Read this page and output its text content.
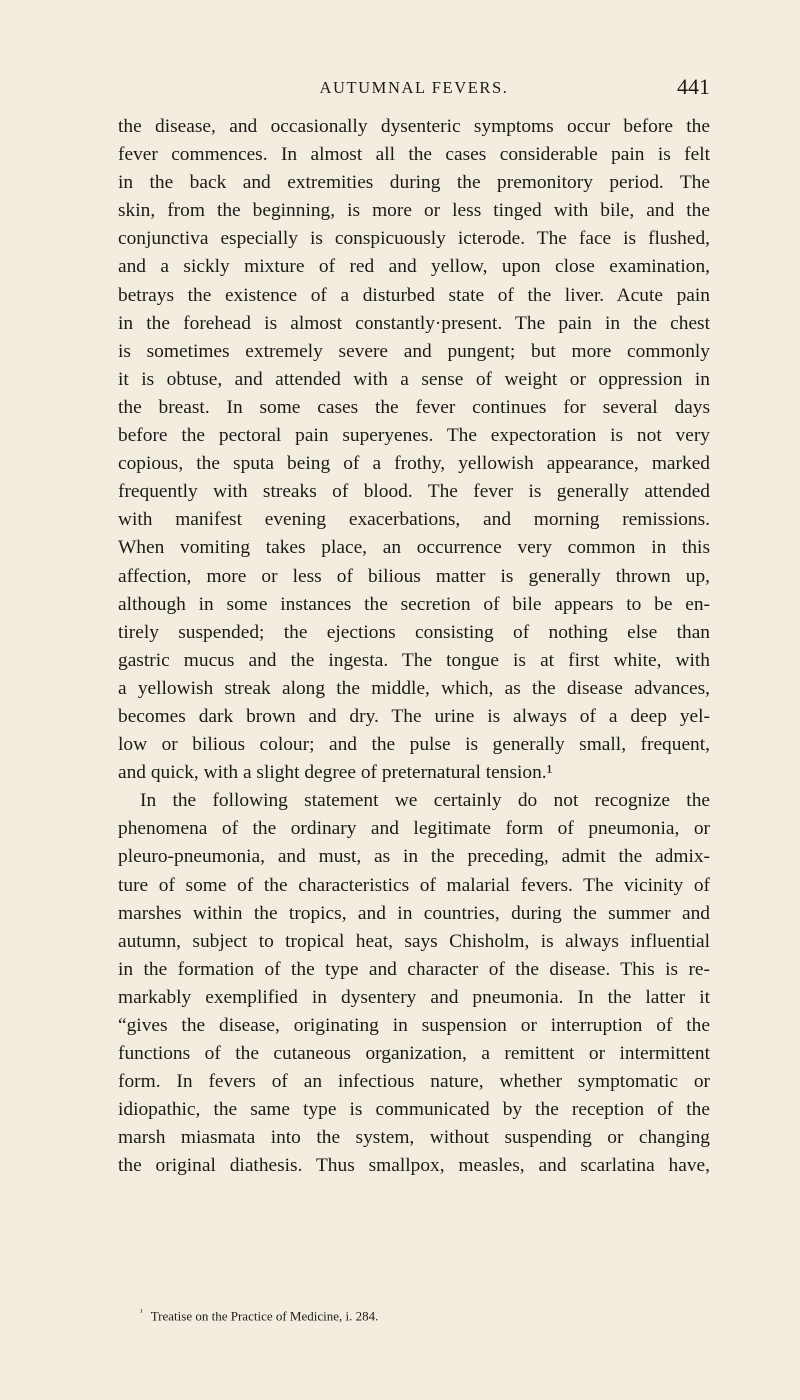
AUTUMNAL FEVERS.	441
the disease, and occasionally dysenteric symptoms occur before the
fever commences. In almost all the cases considerable pain is felt
in the back and extremities during the premonitory period. The
skin, from the beginning, is more or less tinged with bile, and the
conjunctiva especially is conspicuously icterode. The face is flushed,
and a sickly mixture of red and yellow, upon close examination,
betrays the existence of a disturbed state of the liver. Acute pain
in the forehead is almost constantly·present. The pain in the chest
is sometimes extremely severe and pungent; but more commonly
it is obtuse, and attended with a sense of weight or oppression in
the breast. In some cases the fever continues for several days
before the pectoral pain superyenes. The expectoration is not very
copious, the sputa being of a frothy, yellowish appearance, marked
frequently with streaks of blood. The fever is generally attended
with manifest evening exacerbations, and morning remissions.
When vomiting takes place, an occurrence very common in this
affection, more or less of bilious matter is generally thrown up,
although in some instances the secretion of bile appears to be en-
tirely suspended; the ejections consisting of nothing else than
gastric mucus and the ingesta. The tongue is at first white, with
a yellowish streak along the middle, which, as the disease advances,
becomes dark brown and dry. The urine is always of a deep yel-
low or bilious colour; and the pulse is generally small, frequent,
and quick, with a slight degree of preternatural tension.¹
In the following statement we certainly do not recognize the
phenomena of the ordinary and legitimate form of pneumonia, or
pleuro-pneumonia, and must, as in the preceding, admit the admix-
ture of some of the characteristics of malarial fevers. The vicinity of
marshes within the tropics, and in countries, during the summer and
autumn, subject to tropical heat, says Chisholm, is always influential
in the formation of the type and character of the disease. This is re-
markably exemplified in dysentery and pneumonia. In the latter it
“gives the disease, originating in suspension or interruption of the
functions of the cutaneous organization, a remittent or intermittent
form. In fevers of an infectious nature, whether symptomatic or
idiopathic, the same type is communicated by the reception of the
marsh miasmata into the system, without suspending or changing
the original diathesis. Thus smallpox, measles, and scarlatina have,
$^{^1}$ Treatise on the Practice of Medicine, i. 284.
